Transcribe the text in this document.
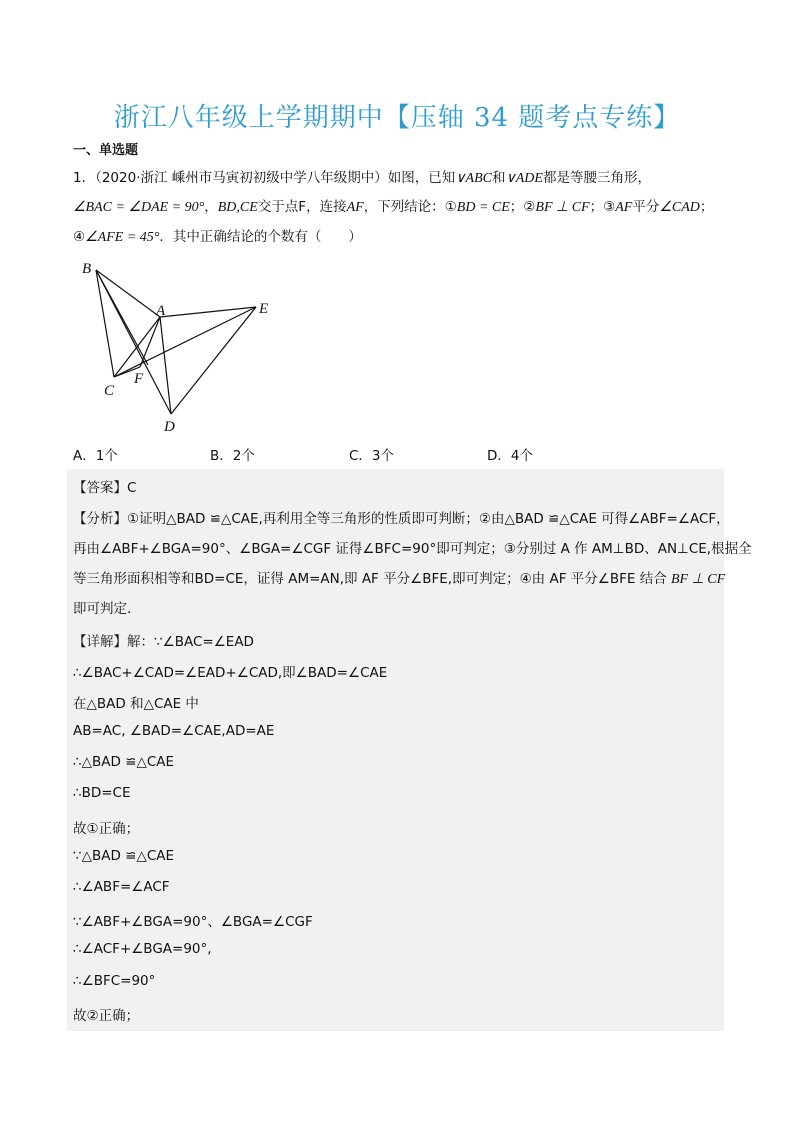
浙江八年级上学期期中【压轴 34 题考点专练】
一、单选题
1．（2020·浙江 嵊州市马寅初初级中学八年级期中）如图，已知∨ABC和∨ADE都是等腰三角形，
∠BAC = ∠DAE = 90°，BD,CE交于点F，连接AF，下列结论：①BD = CE；②BF ⊥ CF；③AF平分∠CAD；
④∠AFE = 45°．其中正确结论的个数有（　　）
B
A	E
F
C
D
A．1个	B．2个	C．3个	D．4个
【答案】C
【分析】①证明△BAD ≌△CAE,再利用全等三角形的性质即可判断；②由△BAD ≌△CAE 可得∠ABF=∠ACF，
再由∠ABF+∠BGA=90°、∠BGA=∠CGF 证得∠BFC=90°即可判定；③分别过 A 作 AM⊥BD、AN⊥CE,根据全
等三角形面积相等和BD=CE，证得 AM=AN,即 AF 平分∠BFE,即可判定；④由 AF 平分∠BFE 结合 BF ⊥ CF
即可判定．
【详解】解：∵∠BAC=∠EAD
∴∠BAC+∠CAD=∠EAD+∠CAD,即∠BAD=∠CAE
在△BAD 和△CAE 中
AB=AC, ∠BAD=∠CAE,AD=AE
∴△BAD ≌△CAE
∴BD=CE
故①正确；
∵△BAD ≌△CAE
∴∠ABF=∠ACF
∵∠ABF+∠BGA=90°、∠BGA=∠CGF
∴∠ACF+∠BGA=90°,
∴∠BFC=90°
故②正确；
